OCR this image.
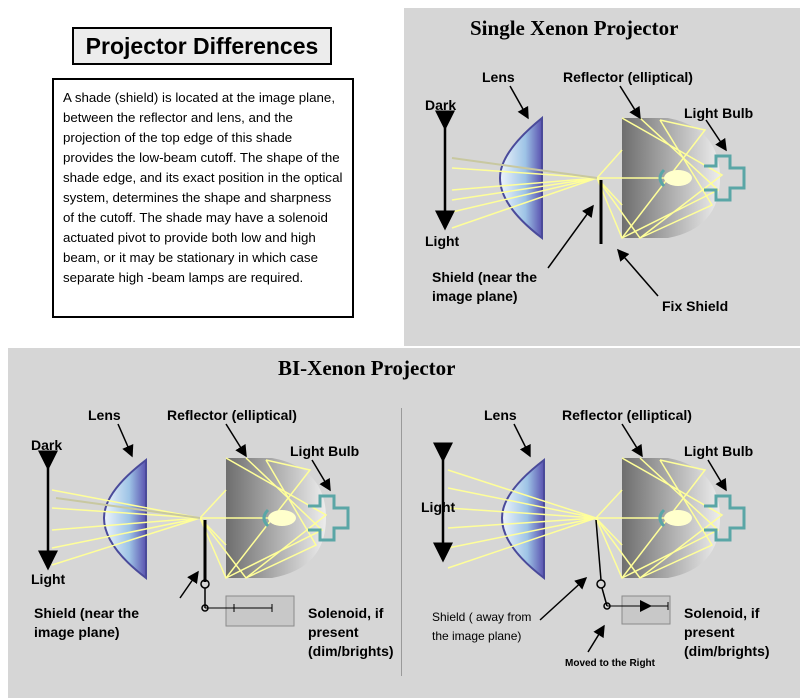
Projector Differences
A shade (shield) is located at the image plane, between the reflector and lens, and the projection of the top edge of this shade provides the low-beam cutoff. The shape of the shade edge, and its exact position in the optical system, determines the shape and sharpness of the cutoff. The shade may have a solenoid actuated pivot to provide both low and high beam, or it may be stationary in which case separate high -beam lamps are required.
Single Xenon Projector
BI-Xenon Projector
Dark
Light
Lens	Reflector (elliptical)
Light Bulb
Shield (near the
image plane)
Fix Shield
Dark
Light
Lens	Reflector (elliptical)
Light Bulb
Shield (near the
image plane)
Solenoid, if
present
(dim/brights)
Light
Lens	Reflector (elliptical)
Light Bulb
Shield ( away from
the image plane)
Moved to the Right
Solenoid, if
present
(dim/brights)
